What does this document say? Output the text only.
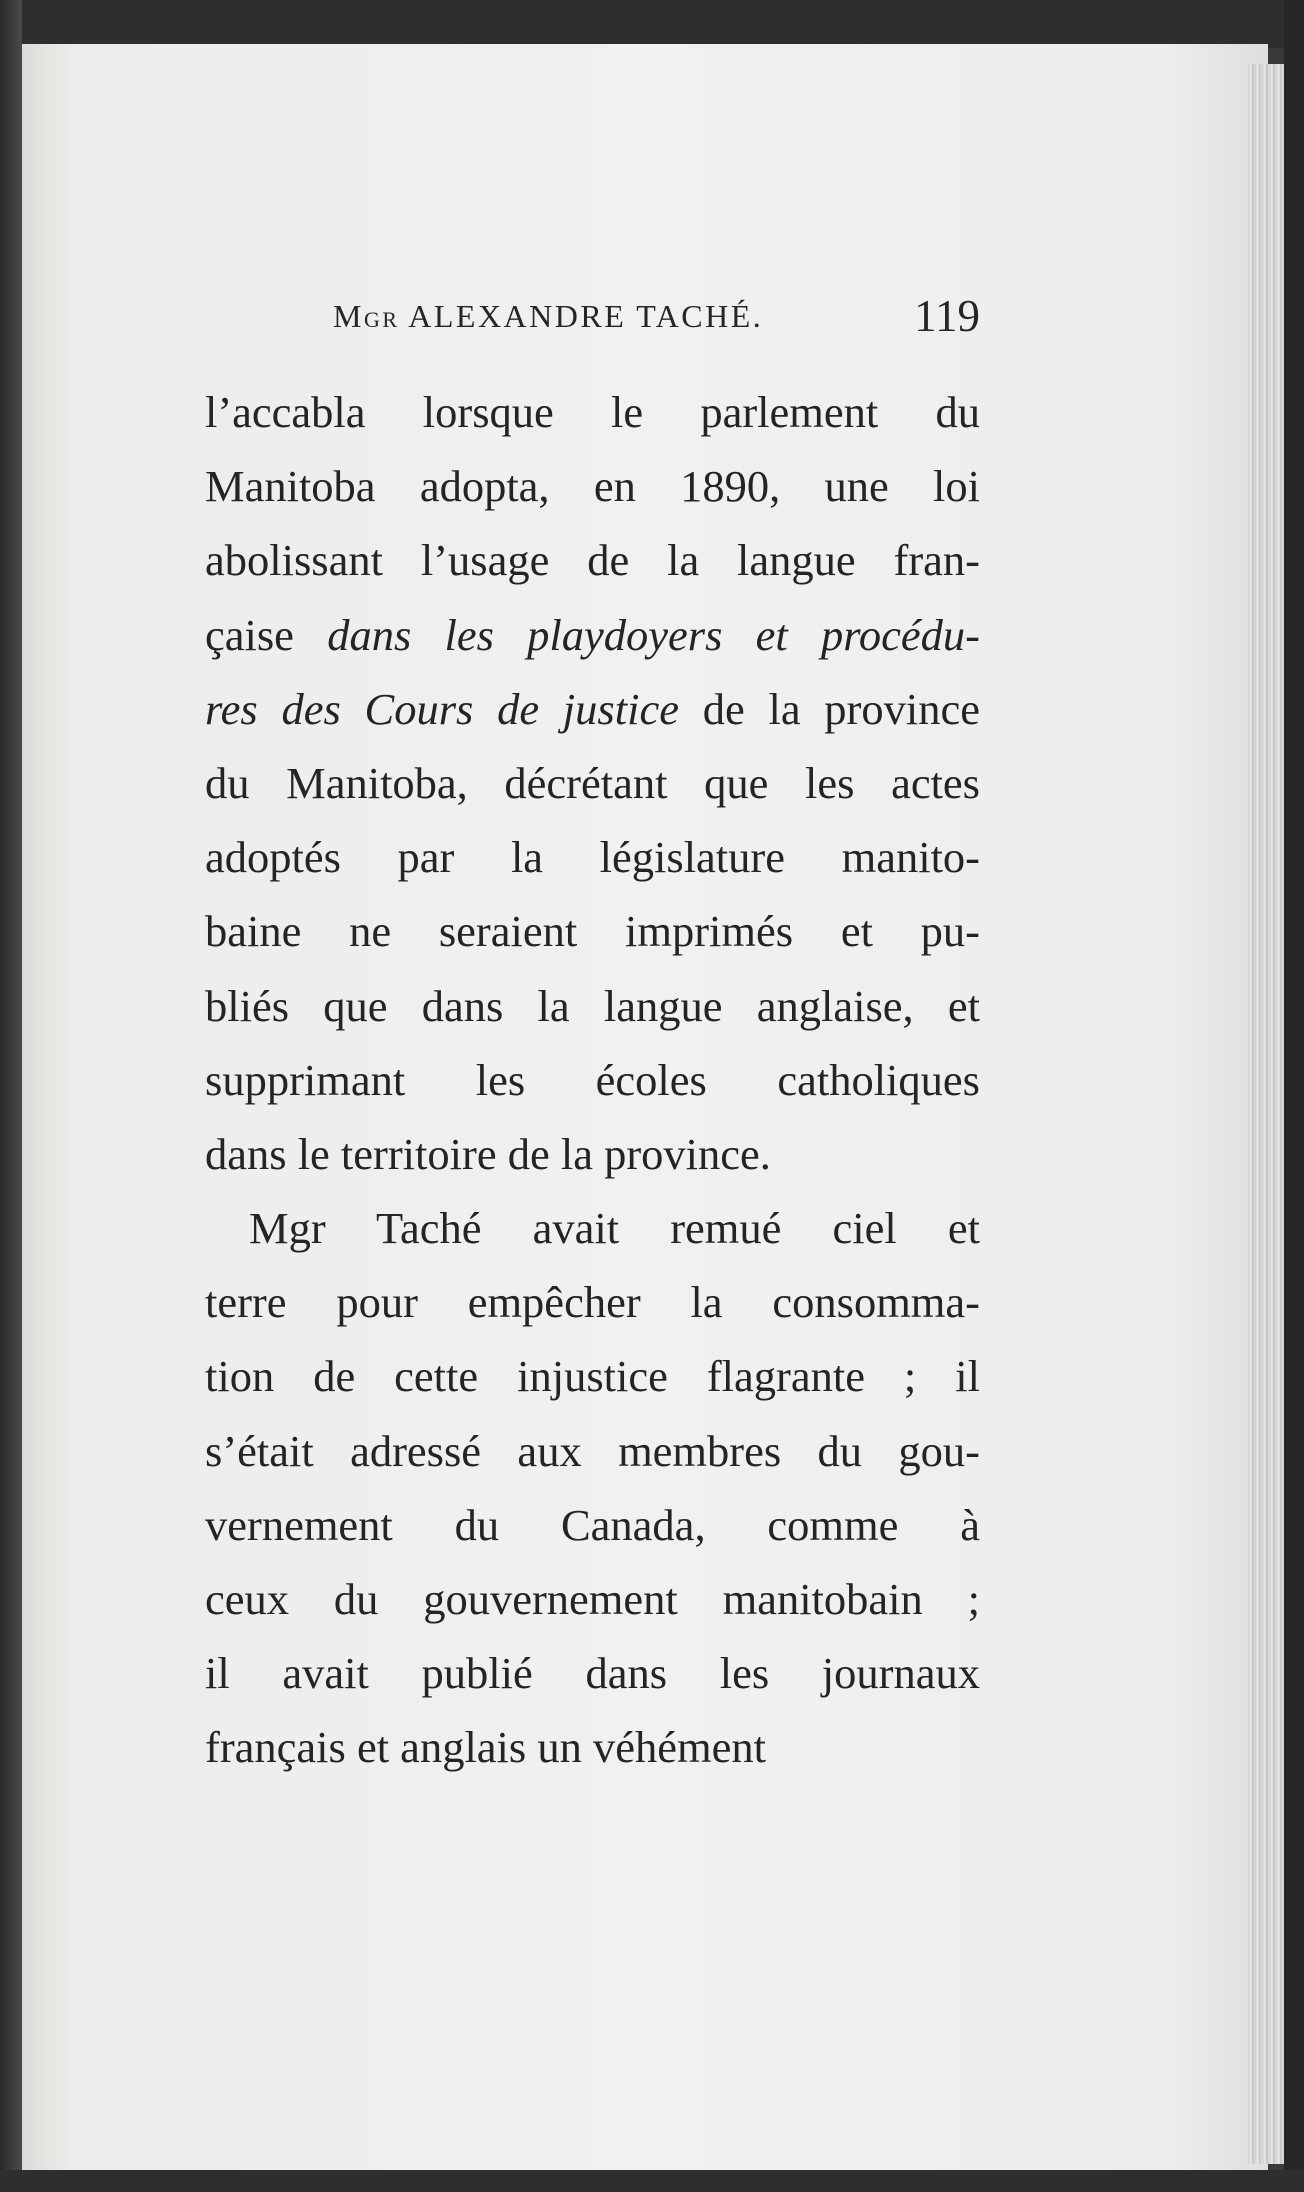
Mgr ALEXANDRE TACHÉ.	119
l’accabla lorsque le parlement du
Manitoba adopta, en 1890, une loi
abolissant l’usage de la langue fran-
çaise dans les playdoyers et procédu-
res des Cours de justice de la province
du Manitoba, décrétant que les actes
adoptés par la législature manito-
baine ne seraient imprimés et pu-
bliés que dans la langue anglaise, et
supprimant les écoles catholiques
dans le territoire de la province.
Mgr Taché avait remué ciel et
terre pour empêcher la consomma-
tion de cette injustice flagrante ; il
s’était adressé aux membres du gou-
vernement du Canada, comme à
ceux du gouvernement manitobain ;
il avait publié dans les journaux
français et anglais un véhément
